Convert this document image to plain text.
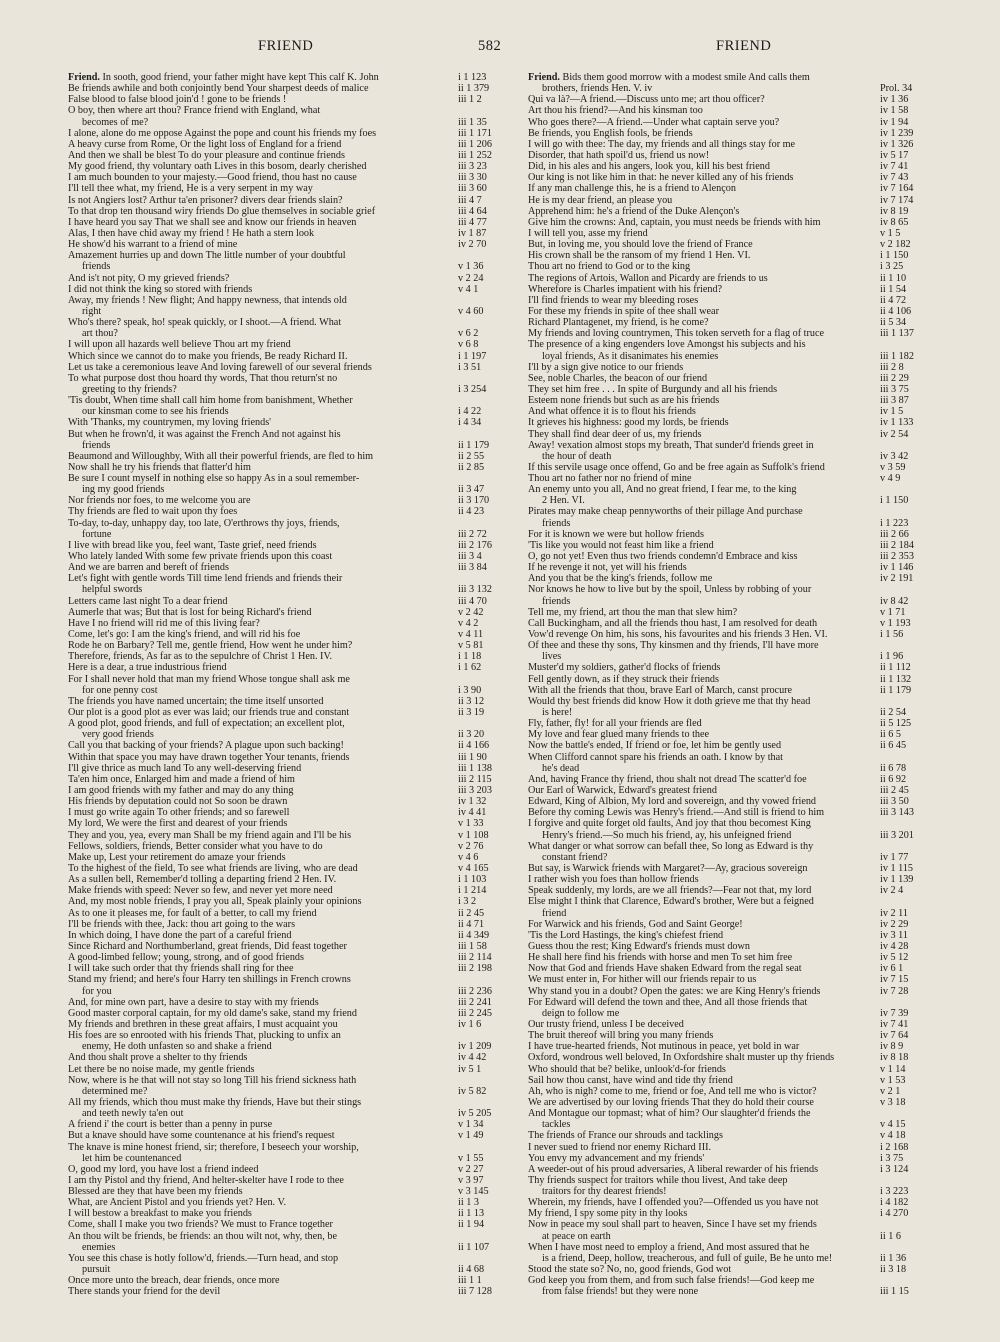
FRIEND	582	FRIEND
Friend. In sooth, good friend, your father might have kept This calf K. John	i 1 123
Be friends awhile and both conjointly bend Your sharpest deeds of malice	ii 1 379
False blood to false blood join'd ! gone to be friends !	iii 1 2
O boy, then where art thou? France friend with England, what
becomes of me?	iii 1 35
I alone, alone do me oppose Against the pope and count his friends my foes	iii 1 171
A heavy curse from Rome, Or the light loss of England for a friend	iii 1 206
And then we shall be blest To do your pleasure and continue friends	iii 1 252
My good friend, thy voluntary oath Lives in this bosom, dearly cherished	iii 3 23
I am much bounden to your majesty.—Good friend, thou hast no cause	iii 3 30
I'll tell thee what, my friend, He is a very serpent in my way	iii 3 60
Is not Angiers lost? Arthur ta'en prisoner? divers dear friends slain?	iii 4 7
To that drop ten thousand wiry friends Do glue themselves in sociable grief	iii 4 64
I have heard you say That we shall see and know our friends in heaven	iii 4 77
Alas, I then have chid away my friend ! He hath a stern look	iv 1 87
He show'd his warrant to a friend of mine	iv 2 70
Amazement hurries up and down The little number of your doubtful
friends	v 1 36
And is't not pity, O my grieved friends?	v 2 24
I did not think the king so stored with friends	v 4 1
Away, my friends ! New flight; And happy newness, that intends old
right	v 4 60
Who's there? speak, ho! speak quickly, or I shoot.—A friend. What
art thou?	v 6 2
I will upon all hazards well believe Thou art my friend	v 6 8
Which since we cannot do to make you friends, Be ready Richard II.	i 1 197
Let us take a ceremonious leave And loving farewell of our several friends	i 3 51
To what purpose dost thou hoard thy words, That thou return'st no
greeting to thy friends?	i 3 254
'Tis doubt, When time shall call him home from banishment, Whether
our kinsman come to see his friends	i 4 22
With 'Thanks, my countrymen, my loving friends'	i 4 34
But when he frown'd, it was against the French And not against his
friends	ii 1 179
Beaumond and Willoughby, With all their powerful friends, are fled to him	ii 2 55
Now shall he try his friends that flatter'd him	ii 2 85
Be sure I count myself in nothing else so happy As in a soul remember-
ing my good friends	ii 3 47
Nor friends nor foes, to me welcome you are	ii 3 170
Thy friends are fled to wait upon thy foes	ii 4 23
To-day, to-day, unhappy day, too late, O'erthrows thy joys, friends,
fortune	iii 2 72
I live with bread like you, feel want, Taste grief, need friends	iii 2 176
Who lately landed With some few private friends upon this coast	iii 3 4
And we are barren and bereft of friends	iii 3 84
Let's fight with gentle words Till time lend friends and friends their
helpful swords	iii 3 132
Letters came last night To a dear friend	iii 4 70
Aumerle that was; But that is lost for being Richard's friend	v 2 42
Have I no friend will rid me of this living fear?	v 4 2
Come, let's go: I am the king's friend, and will rid his foe	v 4 11
Rode he on Barbary? Tell me, gentle friend, How went he under him?	v 5 81
Therefore, friends, As far as to the sepulchre of Christ 1 Hen. IV.	i 1 18
Here is a dear, a true industrious friend	i 1 62
For I shall never hold that man my friend Whose tongue shall ask me
for one penny cost	i 3 90
The friends you have named uncertain; the time itself unsorted	ii 3 12
Our plot is a good plot as ever was laid; our friends true and constant	ii 3 19
A good plot, good friends, and full of expectation; an excellent plot,
very good friends	ii 3 20
Call you that backing of your friends? A plague upon such backing!	ii 4 166
Within that space you may have drawn together Your tenants, friends	iii 1 90
I'll give thrice as much land To any well-deserving friend	iii 1 138
Ta'en him once, Enlarged him and made a friend of him	iii 2 115
I am good friends with my father and may do any thing	iii 3 203
His friends by deputation could not So soon be drawn	iv 1 32
I must go write again To other friends; and so farewell	iv 4 41
My lord, We were the first and dearest of your friends	v 1 33
They and you, yea, every man Shall be my friend again and I'll be his	v 1 108
Fellows, soldiers, friends, Better consider what you have to do	v 2 76
Make up, Lest your retirement do amaze your friends	v 4 6
To the highest of the field, To see what friends are living, who are dead	v 4 165
As a sullen bell, Remember'd tolling a departing friend 2 Hen. IV.	i 1 103
Make friends with speed: Never so few, and never yet more need	i 1 214
And, my most noble friends, I pray you all, Speak plainly your opinions	i 3 2
As to one it pleases me, for fault of a better, to call my friend	ii 2 45
I'll be friends with thee, Jack: thou art going to the wars	ii 4 71
In which doing, I have done the part of a careful friend	ii 4 349
Since Richard and Northumberland, great friends, Did feast together	iii 1 58
A good-limbed fellow; young, strong, and of good friends	iii 2 114
I will take such order that thy friends shall ring for thee	iii 2 198
Stand my friend; and here's four Harry ten shillings in French crowns
for you	iii 2 236
And, for mine own part, have a desire to stay with my friends	iii 2 241
Good master corporal captain, for my old dame's sake, stand my friend	iii 2 245
My friends and brethren in these great affairs, I must acquaint you	iv 1 6
His foes are so enrooted with his friends That, plucking to unfix an
enemy, He doth unfasten so and shake a friend	iv 1 209
And thou shalt prove a shelter to thy friends	iv 4 42
Let there be no noise made, my gentle friends	iv 5 1
Now, where is he that will not stay so long Till his friend sickness hath
determined me?	iv 5 82
All my friends, which thou must make thy friends, Have but their stings
and teeth newly ta'en out	iv 5 205
A friend i' the court is better than a penny in purse	v 1 34
But a knave should have some countenance at his friend's request	v 1 49
The knave is mine honest friend, sir; therefore, I beseech your worship,
let him be countenanced	v 1 55
O, good my lord, you have lost a friend indeed	v 2 27
I am thy Pistol and thy friend, And helter-skelter have I rode to thee	v 3 97
Blessed are they that have been my friends	v 3 145
What, are Ancient Pistol and you friends yet? Hen. V.	ii 1 3
I will bestow a breakfast to make you friends	ii 1 13
Come, shall I make you two friends? We must to France together	ii 1 94
An thou wilt be friends, be friends: an thou wilt not, why, then, be
enemies	ii 1 107
You see this chase is hotly follow'd, friends.—Turn head, and stop
pursuit	ii 4 68
Once more unto the breach, dear friends, once more	iii 1 1
There stands your friend for the devil	iii 7 128
Friend. Bids them good morrow with a modest smile And calls them
brothers, friends Hen. V. iv	Prol. 34
Qui va là?—A friend.—Discuss unto me; art thou officer?	iv 1 36
Art thou his friend?—And his kinsman too	iv 1 58
Who goes there?—A friend.—Under what captain serve you?	iv 1 94
Be friends, you English fools, be friends	iv 1 239
I will go with thee: The day, my friends and all things stay for me	iv 1 326
Disorder, that hath spoil'd us, friend us now!	iv 5 17
Did, in his ales and his angers, look you, kill his best friend	iv 7 41
Our king is not like him in that: he never killed any of his friends	iv 7 43
If any man challenge this, he is a friend to Alençon	iv 7 164
He is my dear friend, an please you	iv 7 174
Apprehend him: he's a friend of the Duke Alençon's	iv 8 19
Give him the crowns: And, captain, you must needs be friends with him	iv 8 65
I will tell you, asse my friend	v 1 5
But, in loving me, you should love the friend of France	v 2 182
His crown shall be the ransom of my friend 1 Hen. VI.	i 1 150
Thou art no friend to God or to the king	i 3 25
The regions of Artois, Wallon and Picardy are friends to us	ii 1 10
Wherefore is Charles impatient with his friend?	ii 1 54
I'll find friends to wear my bleeding roses	ii 4 72
For these my friends in spite of thee shall wear	ii 4 106
Richard Plantagenet, my friend, is he come?	ii 5 34
My friends and loving countrymen, This token serveth for a flag of truce	iii 1 137
The presence of a king engenders love Amongst his subjects and his
loyal friends, As it disanimates his enemies	iii 1 182
I'll by a sign give notice to our friends	iii 2 8
See, noble Charles, the beacon of our friend	iii 2 29
They set him free . . . In spite of Burgundy and all his friends	iii 3 75
Esteem none friends but such as are his friends	iii 3 87
And what offence it is to flout his friends	iv 1 5
It grieves his highness: good my lords, be friends	iv 1 133
They shall find dear deer of us, my friends	iv 2 54
Away! vexation almost stops my breath, That sunder'd friends greet in
the hour of death	iv 3 42
If this servile usage once offend, Go and be free again as Suffolk's friend	v 3 59
Thou art no father nor no friend of mine	v 4 9
An enemy unto you all, And no great friend, I fear me, to the king
2 Hen. VI.	i 1 150
Pirates may make cheap pennyworths of their pillage And purchase
friends	i 1 223
For it is known we were but hollow friends	iii 2 66
'Tis like you would not feast him like a friend	iii 2 184
O, go not yet! Even thus two friends condemn'd Embrace and kiss	iii 2 353
If he revenge it not, yet will his friends	iv 1 146
And you that be the king's friends, follow me	iv 2 191
Nor knows he how to live but by the spoil, Unless by robbing of your
friends	iv 8 42
Tell me, my friend, art thou the man that slew him?	v 1 71
Call Buckingham, and all the friends thou hast, I am resolved for death	v 1 193
Vow'd revenge On him, his sons, his favourites and his friends 3 Hen. VI.	i 1 56
Of thee and these thy sons, Thy kinsmen and thy friends, I'll have more
lives	i 1 96
Muster'd my soldiers, gather'd flocks of friends	ii 1 112
Fell gently down, as if they struck their friends	ii 1 132
With all the friends that thou, brave Earl of March, canst procure	ii 1 179
Would thy best friends did know How it doth grieve me that thy head
is here!	ii 2 54
Fly, father, fly! for all your friends are fled	ii 5 125
My love and fear glued many friends to thee	ii 6 5
Now the battle's ended, If friend or foe, let him be gently used	ii 6 45
When Clifford cannot spare his friends an oath. I know by that
he's dead	ii 6 78
And, having France thy friend, thou shalt not dread The scatter'd foe	ii 6 92
Our Earl of Warwick, Edward's greatest friend	iii 2 45
Edward, King of Albion, My lord and sovereign, and thy vowed friend	iii 3 50
Before thy coming Lewis was Henry's friend.—And still is friend to him	iii 3 143
I forgive and quite forget old faults, And joy that thou becomest King
Henry's friend.—So much his friend, ay, his unfeigned friend	iii 3 201
What danger or what sorrow can befall thee, So long as Edward is thy
constant friend?	iv 1 77
But say, is Warwick friends with Margaret?—Ay, gracious sovereign	iv 1 115
I rather wish you foes than hollow friends	iv 1 139
Speak suddenly, my lords, are we all friends?—Fear not that, my lord	iv 2 4
Else might I think that Clarence, Edward's brother, Were but a feigned
friend	iv 2 11
For Warwick and his friends, God and Saint George!	iv 2 29
'Tis the Lord Hastings, the king's chiefest friend	iv 3 11
Guess thou the rest; King Edward's friends must down	iv 4 28
He shall here find his friends with horse and men To set him free	iv 5 12
Now that God and friends Have shaken Edward from the regal seat	iv 6 1
We must enter in, For hither will our friends repair to us	iv 7 15
Why stand you in a doubt? Open the gates: we are King Henry's friends	iv 7 28
For Edward will defend the town and thee, And all those friends that
deign to follow me	iv 7 39
Our trusty friend, unless I be deceived	iv 7 41
The bruit thereof will bring you many friends	iv 7 64
I have true-hearted friends, Not mutinous in peace, yet bold in war	iv 8 9
Oxford, wondrous well beloved, In Oxfordshire shalt muster up thy friends	iv 8 18
Who should that be? belike, unlook'd-for friends	v 1 14
Sail how thou canst, have wind and tide thy friend	v 1 53
Ah, who is nigh? come to me, friend or foe, And tell me who is victor?	v 2 1
We are advertised by our loving friends That they do hold their course	v 3 18
And Montague our topmast; what of him? Our slaughter'd friends the
tackles	v 4 15
The friends of France our shrouds and tacklings	v 4 18
I never sued to friend nor enemy Richard III.	i 2 168
You envy my advancement and my friends'	i 3 75
A weeder-out of his proud adversaries, A liberal rewarder of his friends	i 3 124
Thy friends suspect for traitors while thou livest, And take deep
traitors for thy dearest friends!	i 3 223
Wherein, my friends, have I offended you?—Offended us you have not	i 4 182
My friend, I spy some pity in thy looks	i 4 270
Now in peace my soul shall part to heaven, Since I have set my friends
at peace on earth	ii 1 6
When I have most need to employ a friend, And most assured that he
is a friend, Deep, hollow, treacherous, and full of guile, Be he unto me!	ii 1 36
Stood the state so? No, no, good friends, God wot	ii 3 18
God keep you from them, and from such false friends!—God keep me
from false friends! but they were none	iii 1 15
